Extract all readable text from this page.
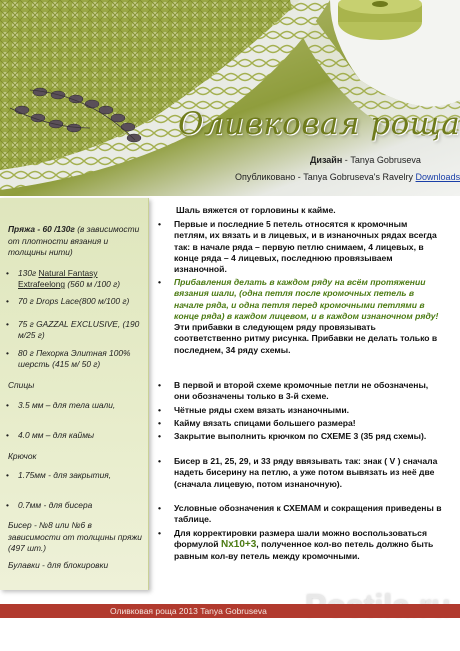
Оливковая роща
Дизайн - Tanya Gobruseva
Опубликовано - Tanya Gobruseva's Ravelry Downloads
Пряжа - 60 /130г (в зависимости от плотности вязания и толщины нити)
• 130г Natural Fantasy Extrafeelong (560 м /100 г)
• 70 г Drops Lace(800 м/100 г)
• 75 г GAZZAL EXCLUSIVE, (190 м/25 г)
• 80 г Пехорка Элитная 100% шерсть (415 м/ 50 г)
Спицы
• 3.5 мм – для тела шали,
• 4.0 мм – для каймы
Крючок
• 1.75мм - для закрытия,
• 0.7мм - для бисера
Бисер - №8 или №6 в зависимости от толщины пряжи (497 шт.)
Булавки - для блокировки
Шаль вяжется от горловины к кайме.
• Первые и последние 5 петель относятся к кромочным петлям, их вязать и в лицевых, и в изнаночных рядах всегда так: в начале ряда – первую петлю снимаем, 4 лицевых, в конце ряда – 4 лицевых, последнюю провязываем изнаночной.
• Прибавления делать в каждом ряду на всём протяжении вязания шали, (одна петля после кромочных петель в начале ряда, и одна петля перед кромочными петлями в конце ряда) в каждом лицевом, и в каждом изнаночном ряду! Эти прибавки в следующем ряду провязывать соответственно ритму рисунка. Прибавки не делать только в последнем, 34 ряду схемы.
• В первой и второй схеме кромочные петли не обозначены, они обозначены только в 3-й схеме.
• Чётные ряды схем вязать изнаночными.
• Кайму вязать спицами большего размера!
• Закрытие выполнить крючком по СХЕМЕ 3 (35 ряд схемы).
• Бисер в 21, 25, 29, и 33 ряду ввязывать так: знак ( V ) сначала надеть бисерину на петлю, а уже потом вывязать из неё две (сначала лицевую, потом изнаночную).
• Условные обозначения к СХЕМАМ и сокращения приведены в таблице.
• Для корректировки размера шали можно воспользоваться формулой Nx10+3, полученное кол-во петель должно быть равным кол-ву петель между кромочными.
Оливковая роща 2013 Tanya Gobruseva
